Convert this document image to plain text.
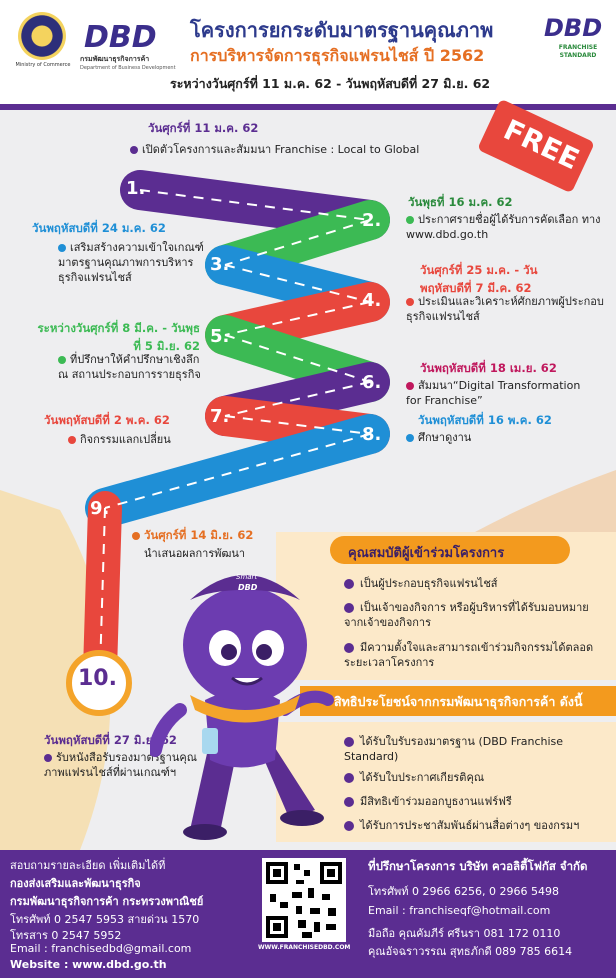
Ministry of Commerce
DBD
กรมพัฒนาธุรกิจการค้า
Department of Business Development
โครงการยกระดับมาตรฐานคุณภาพ
การบริหารจัดการธุรกิจแฟรนไชส์ ปี 2562
ระหว่างวันศุกร์ที่ 11 ม.ค. 62 - วันพฤหัสบดีที่ 27 มิ.ย. 62
DBD
FRANCHISE STANDARD
1.
2.
3.
4.
5.
6.
7.
8.
9.
10.
FREE
วันศุกร์ที่ 11 ม.ค. 62
เปิดตัวโครงการและสัมมนา Franchise : Local to Global
วันพุธที่ 16 ม.ค. 62
ประกาศรายชื่อผู้ได้รับการคัดเลือก ทาง www.dbd.go.th
วันพฤหัสบดีที่ 24 ม.ค. 62
เสริมสร้างความเข้าใจเกณฑ์มาตรฐานคุณภาพการบริหารธุรกิจแฟรนไชส์
วันศุกร์ที่ 25 ม.ค. - วันพฤหัสบดีที่ 7 มี.ค. 62
ประเมินและวิเคราะห์ศักยภาพผู้ประกอบธุรกิจแฟรนไชส์
ระหว่างวันศุกร์ที่ 8 มี.ค. - วันพุธที่ 5 มิ.ย. 62
ที่ปรึกษาให้คำปรึกษาเชิงลึก ณ สถานประกอบการรายธุรกิจ	วันพฤหัสบดีที่ 18 เม.ย. 62
สัมมนา“Digital Transformation for Franchise”
วันพฤหัสบดีที่ 2 พ.ค. 62
กิจกรรมแลกเปลี่ยน
วันพฤหัสบดีที่ 16 พ.ค. 62
ศึกษาดูงาน
วันศุกร์ที่ 14 มิ.ย. 62
นำเสนอผลการพัฒนา
วันพฤหัสบดีที่ 27 มิ.ย. 62
รับหนังสือรับรองมาตรฐานคุณภาพแฟรนไชส์ที่ผ่านเกณฑ์ฯ
คุณสมบัติผู้เข้าร่วมโครงการ
เป็นผู้ประกอบธุรกิจแฟรนไชส์
เป็นเจ้าของกิจการ หรือผู้บริหารที่ได้รับมอบหมายจากเจ้าของกิจการ
มีความตั้งใจและสามารถเข้าร่วมกิจกรรมได้ตลอดระยะเวลาโครงการ
สิทธิประโยชน์จากกรมพัฒนาธุรกิจการค้า ดังนี้
ได้รับใบรับรองมาตรฐาน (DBD Franchise Standard)
ได้รับใบประกาศเกียรติคุณ
มีสิทธิเข้าร่วมออกบูธงานแฟร์ฟรี
ได้รับการประชาสัมพันธ์ผ่านสื่อต่างๆ ของกรมฯ
Smart
DBD
สอบถามรายละเอียด เพิ่มเติมได้ที่
กองส่งเสริมและพัฒนาธุรกิจ
กรมพัฒนาธุรกิจการค้า กระทรวงพาณิชย์
โทรศัพท์ 0 2547 5953 สายด่วน 1570
โทรสาร 0 2547 5952
Email : franchisedbd@gmail.com
Website : www.dbd.go.th
WWW.FRANCHISEDBD.COM
ที่ปรึกษาโครงการ บริษัท ควอลิตี้โฟกัส จำกัด
โทรศัพท์ 0 2966 6256, 0 2966 5498
Email : franchiseqf@hotmail.com
มือถือ คุณคัมภีร์ ศรีนรา 081 172 0110
คุณอัจฉราวรรณ สุทธภักดี 089 785 6614
